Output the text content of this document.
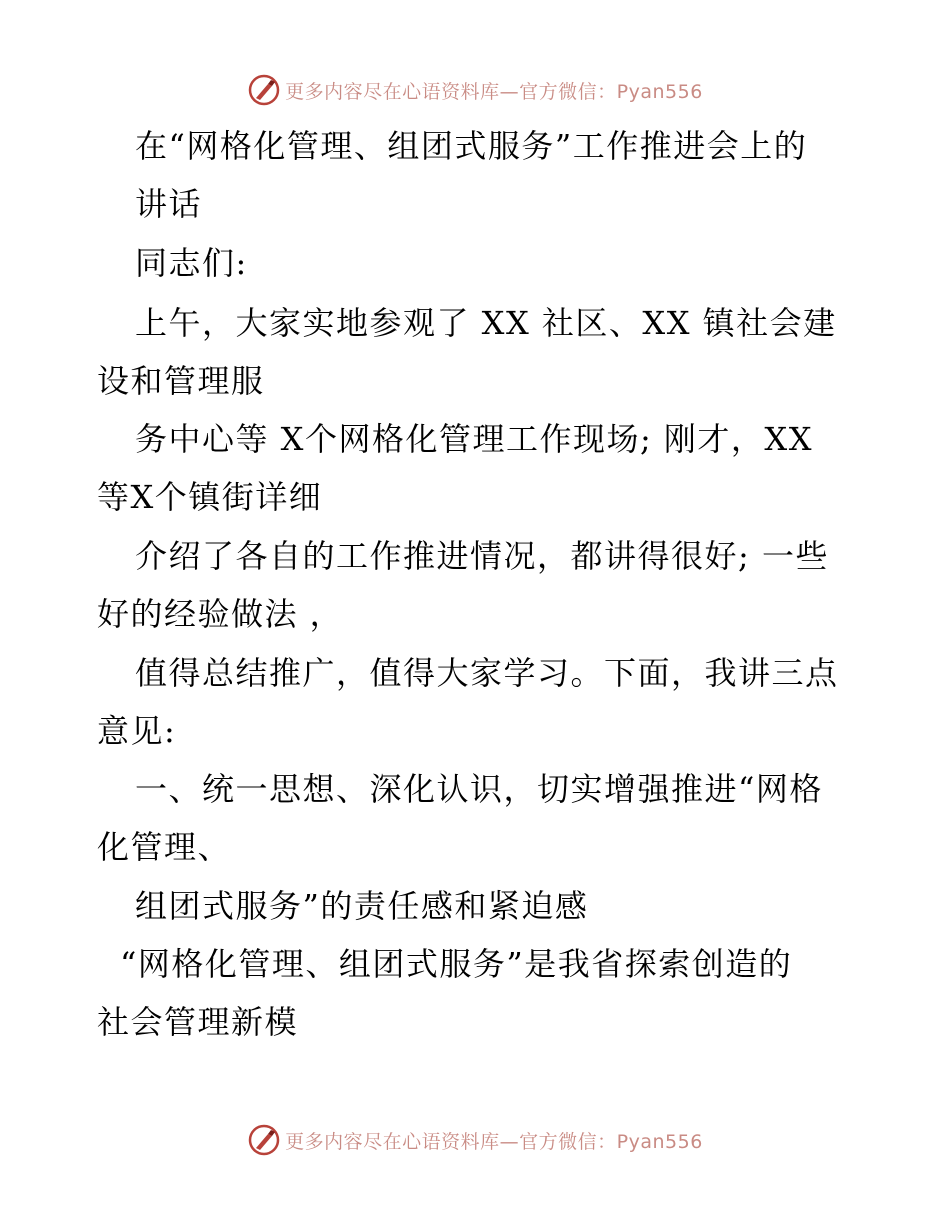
更多内容尽在心语资料库—官方微信：Pyan556
在“网格化管理、组团式服务”工作推进会上的
讲话
同志们:
上午，大家实地参观了 XX 社区、XX 镇社会建
设和管理服
务中心等 X个网格化管理工作现场; 刚才，XX
等X个镇街详细
介绍了各自的工作推进情况，都讲得很好; 一些
好的经验做法 ，
值得总结推广，值得大家学习。下面，我讲三点
意见:
一、统一思想、深化认识，切实增强推进“网格
化管理、
组团式服务”的责任感和紧迫感
“网格化管理、组团式服务”是我省探索创造的
社会管理新模
更多内容尽在心语资料库—官方微信：Pyan556
